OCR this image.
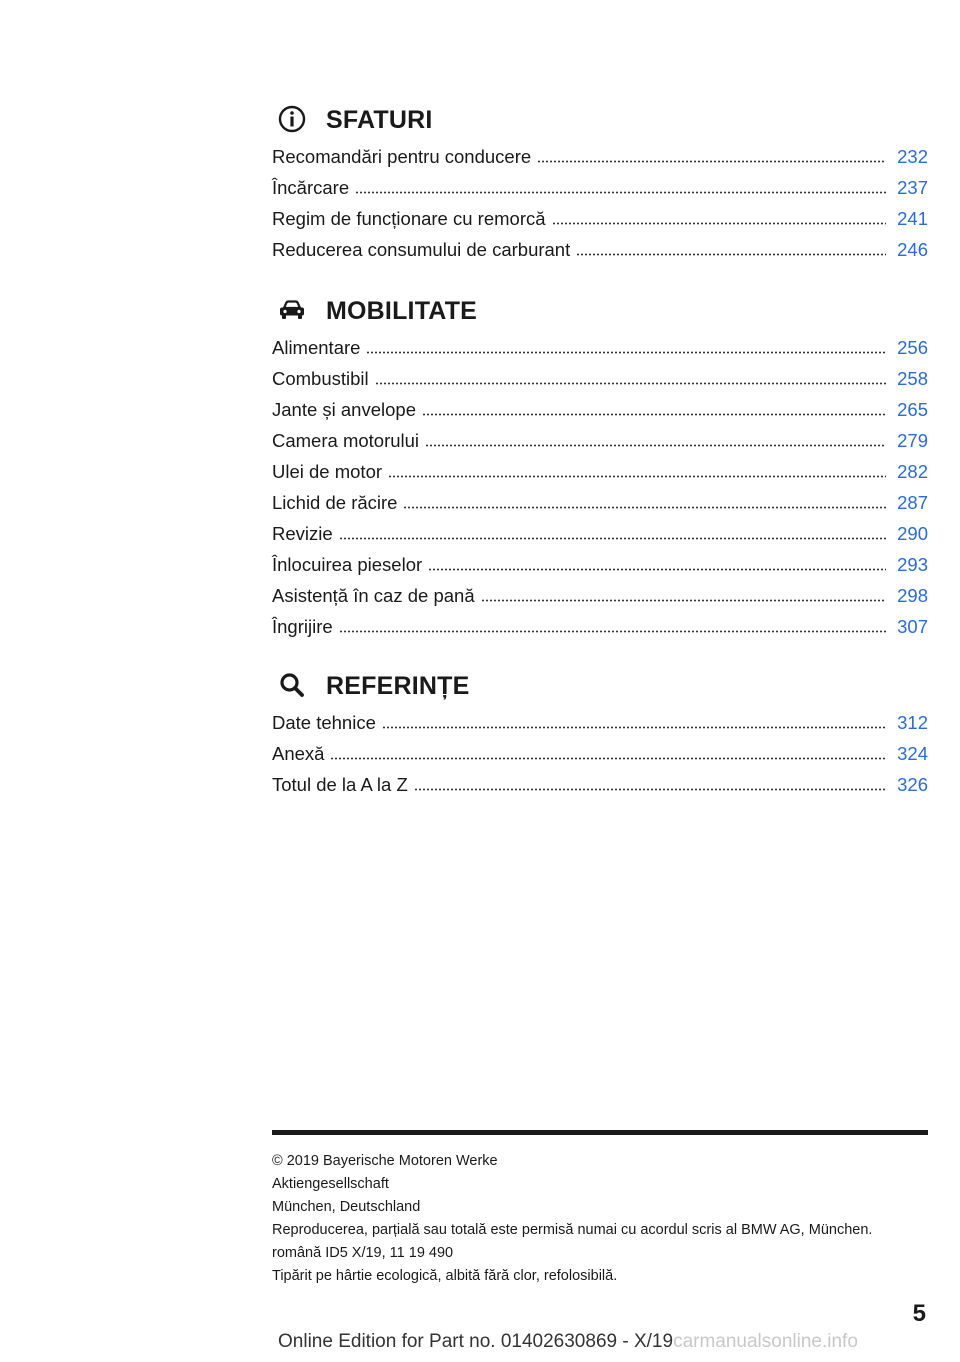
SFATURI
Recomandări pentru conducere	232
Încărcare	237
Regim de funcționare cu remorcă	241
Reducerea consumului de carburant	246
MOBILITATE
Alimentare	256
Combustibil	258
Jante și anvelope	265
Camera motorului	279
Ulei de motor	282
Lichid de răcire	287
Revizie	290
Înlocuirea pieselor	293
Asistență în caz de pană	298
Îngrijire	307
REFERINȚE
Date tehnice	312
Anexă	324
Totul de la A la Z	326
© 2019 Bayerische Motoren Werke
Aktiengesellschaft
München, Deutschland
Reproducerea, parțială sau totală este permisă numai cu acordul scris al BMW AG, München.
română ID5 X/19, 11 19 490
Tipărit pe hârtie ecologică, albită fără clor, refolosibilă.
5
Online Edition for Part no. 01402630869 - X/19carmanualsonline.info
